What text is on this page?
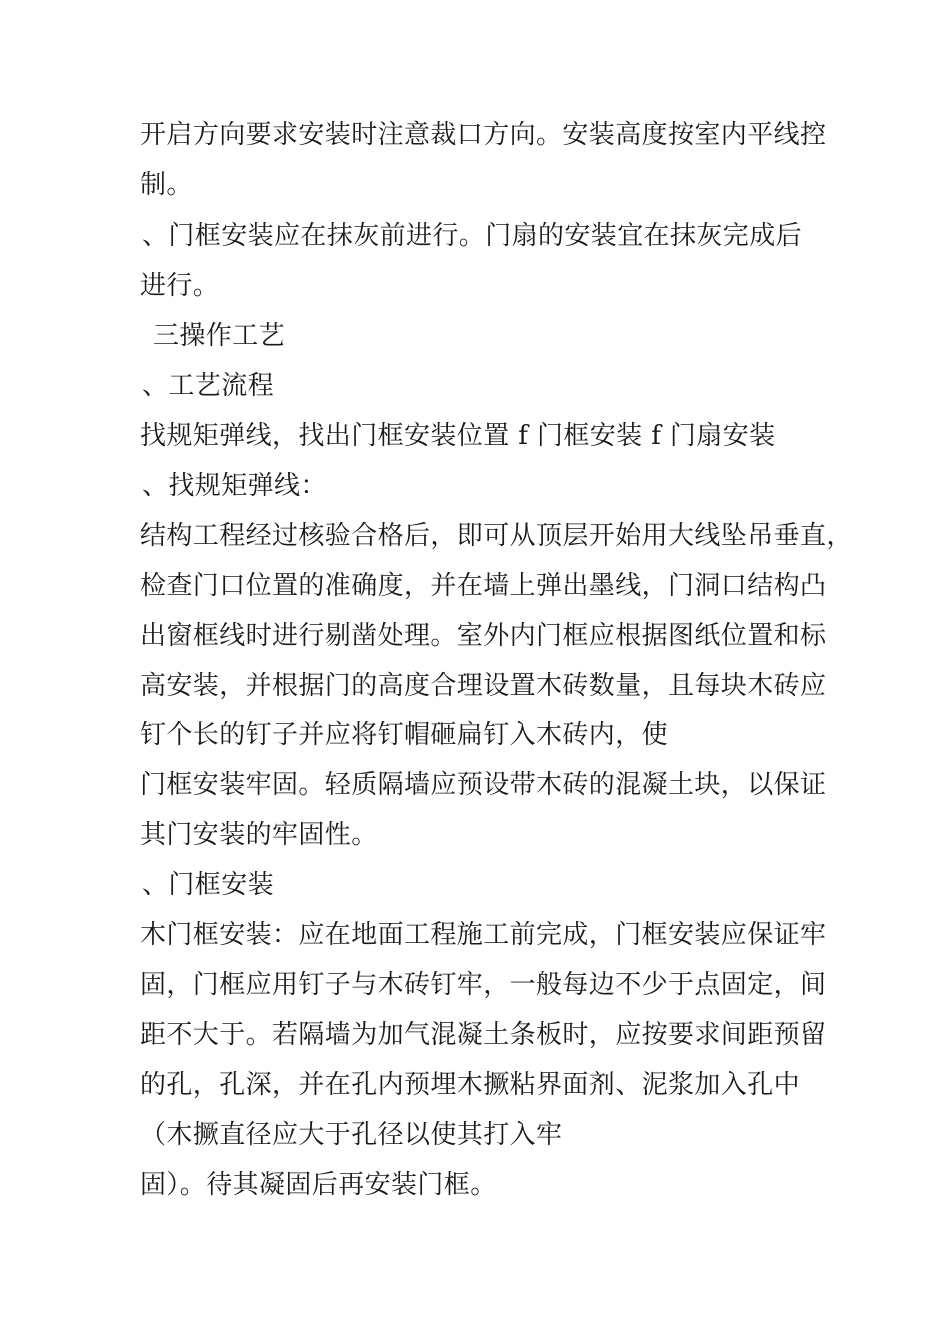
开启方向要求安装时注意裁口方向。安装高度按室内平线控
制。
、门框安装应在抹灰前进行。门扇的安装宜在抹灰完成后
进行。
三操作工艺
、工艺流程
找规矩弹线，找出门框安装位置 f 门框安装 f 门扇安装
、找规矩弹线：
结构工程经过核验合格后，即可从顶层开始用大线坠吊垂直，
检查门口位置的准确度，并在墙上弹出墨线，门洞口结构凸
出窗框线时进行剔凿处理。室外内门框应根据图纸位置和标
高安装，并根据门的高度合理设置木砖数量，且每块木砖应
钉个长的钉子并应将钉帽砸扁钉入木砖内，使
门框安装牢固。轻质隔墙应预设带木砖的混凝土块，以保证
其门安装的牢固性。
、门框安装
木门框安装：应在地面工程施工前完成，门框安装应保证牢
固，门框应用钉子与木砖钉牢，一般每边不少于点固定，间
距不大于。若隔墙为加气混凝土条板时，应按要求间距预留
的孔，孔深，并在孔内预埋木撅粘界面剂、泥浆加入孔中
（木撅直径应大于孔径以使其打入牢
固）。待其凝固后再安装门框。
